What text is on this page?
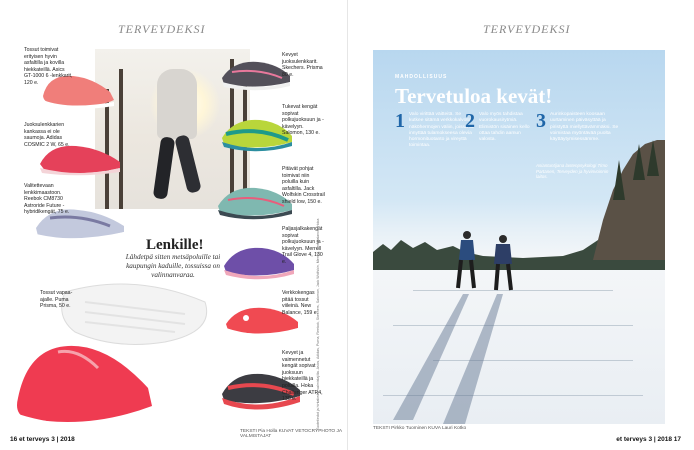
TERVEYDEKSI
Tossut toimivat erityisen hyvin asfaltilla ja kovilla hiekkateillä. Asics GT-1000 6 -lenkkarit, 120 e.
Juoksulenkkarien kankassa ei ole saumoja. Adidas COSMIC 2 W, 65 e.
Valitettevaan lenkkimaastoon. Reebok CM8730 Astroride Future -hybridikengät, 75 e.
Tossut vapaa-ajalle. Puma Prisma, 50 e.
Kevyet juoksulenkkarit. Skechers. Prisma 80 e.
Tukevat kengät sopivat polkujuoksuun ja -kävelyyn. Salomon, 130 e.
Pitävät pohjat toimivat niin poluilla kuin asfaltilla. Jack Wolfskin Crosstrail shield low, 150 e.
Paljasjalkakengät sopivat polkujuoksuun ja -kävelyyn. Merrell Trail Glove 4, 130 e.
Verkkokengas pitää tossut viileinä. New Balance, 159 e.
Kevyet ja vaimennetut kengät sopivat juoksuun hiekkateillä ja poluilla. Hoka Challenger ATR4, 130 e.
Lenkille!
Lähdetpä sitten metsäpoluille tai kaupungin kaduille, tossuissa on valinnanvaraa.	Tuotetiedot ja hintatiedot valmistajilta. Asics, Adidas, Puma, Reebok, Skechers, Salomon, Jack Wolfskin, Merrell, New Balance, Hoka
TEKSTI Pia Holla KUVAT VETOCRYPHOTO JA VALMISTAJAT
16 et terveys 3 | 2018
TERVEYDEKSI
MAHDOLLISUUS
Tervetuloa kevät!
1 Valo virittää väitteitä. Se kutkee sitämä verkkokalvolla näköhermojen väliin, joissa se innyttää tulamokseesa olevia hormonituotanto ja vireyttä toimintaa.
2 Valo myös tahdistaa vuorokausirytmiä. Elimistön sisäinen kello ottaa tahdin aamun valosta.
3 Aurinkopaisteen koosaan uurtaminen päiväsyttää ja piristyttä miellyttävämmäksi. Se voimistaa myöntävää puolta käyttäytymisessämme.
Asiantuntijana lastenpsykologi Timo Partanen, Terveyden ja hyvinvoinnin laitos.
TEKSTI Pirkko Tuominen KUVA Lauri Kotko
et terveys 3 | 2018 17
